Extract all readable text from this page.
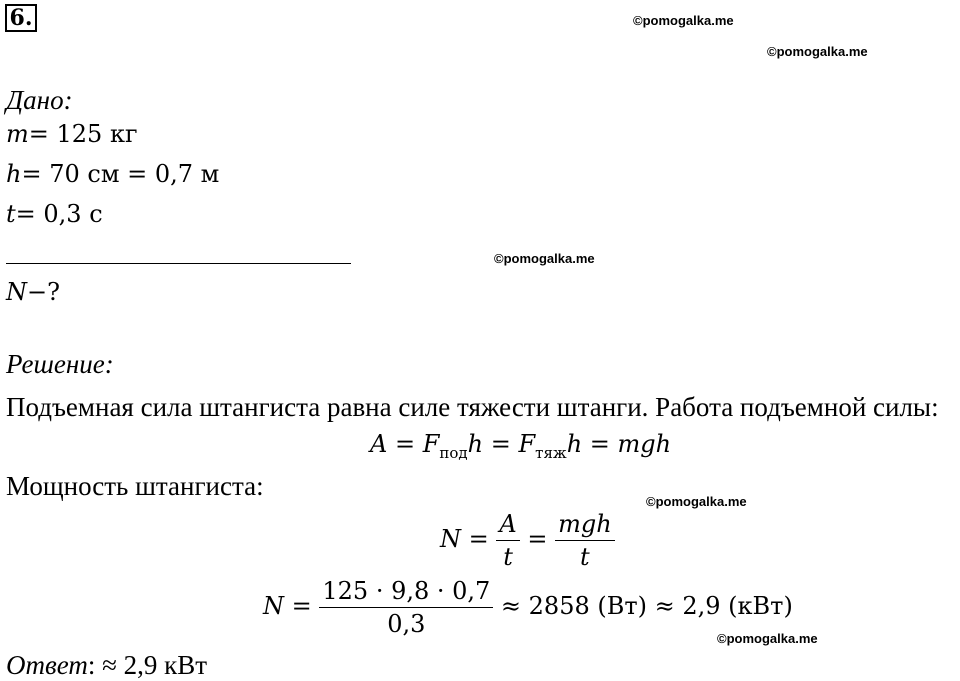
6.	©pomogalka.me
©pomogalka.me
©pomogalka.me
©pomogalka.me
©pomogalka.me
Дано:
m= 125 кг
h= 70 см = 0,7 м
t= 0,3 с
N−?
Решение:
Подъемная сила штангиста равна силе тяжести штанги. Работа подъемной силы:
$A = F_{под}h = F_{тяж}h$ = mgh
Мощность штангиста:
$N = \frac{A}{t} = \frac{\text{mgh}}{t}$
$N = \frac{125 \cdot 9,8 \cdot 0,7}{0,3} \approx 2858$ (Вт) ≈ 2,9 (кВт)
Ответ: ≈ 2,9 кВт
